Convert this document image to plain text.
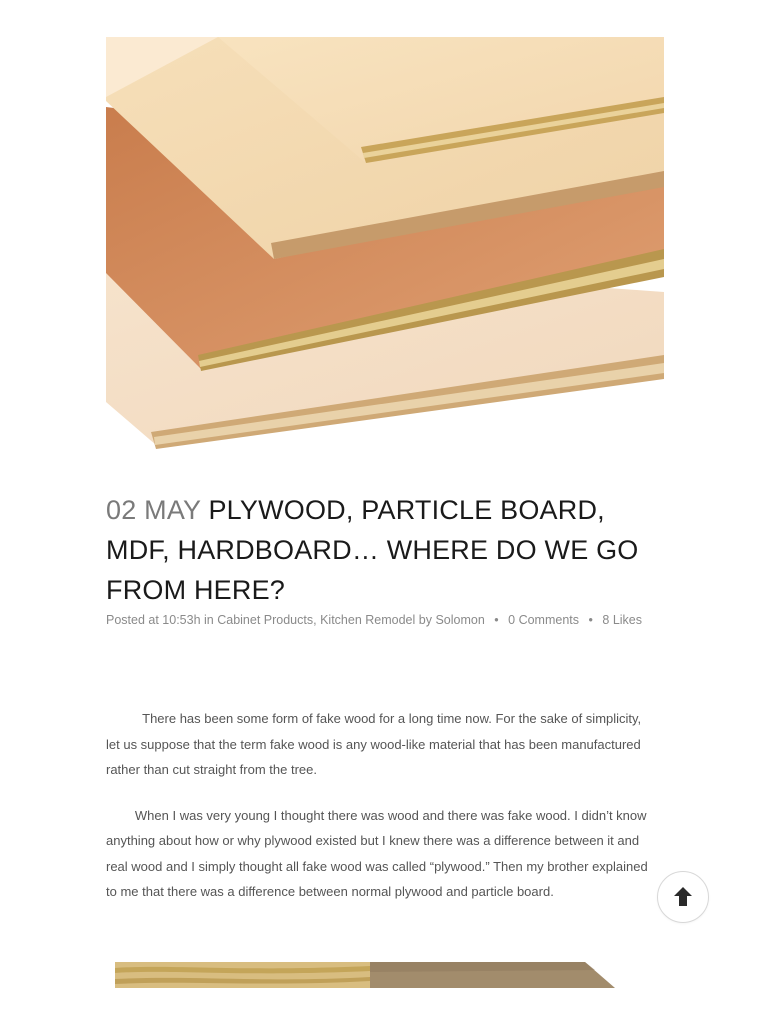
02 MAY PLYWOOD, PARTICLE BOARD, MDF, HARDBOARD… WHERE DO WE GO FROM HERE?
Posted at 10:53h in Cabinet Products, Kitchen Remodel by Solomon • 0 Comments • 8 Likes

There has been some form of fake wood for a long time now. For the sake of simplicity, let us suppose that the term fake wood is any wood-like material that has been manufactured rather than cut straight from the tree.

When I was very young I thought there was wood and there was fake wood. I didn’t know anything about how or why plywood existed but I knew there was a difference between it and real wood and I simply thought all fake wood was called “plywood.” Then my brother explained to me that there was a difference between normal plywood and particle board.
